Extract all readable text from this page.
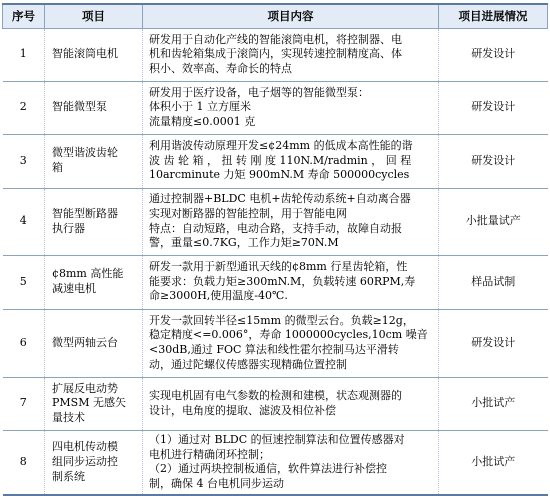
序号	项目	项目内容	项目进展情况
1	智能滚筒电机	研发用于自动化产线的智能滚筒电机，将控制器、电
机和齿轮箱集成于滚筒内，实现转速控制精度高、体
积小、效率高、寿命长的特点	研发设计
2	智能微型泵	研发用于医疗设备，电子烟等的智能微型泵：
体积小于 1 立方厘米
流量精度≤0.0001 克	研发设计
3	微型谐波齿轮
箱	利用谐波传动原理开发≤¢24mm 的低成本高性能的谐
波 齿 轮 箱 ， 扭 转 刚 度 110N.M/radmin ， 回 程
10arcminute 力矩 900mN.M 寿命 500000cycles	研发设计
4	智能型断路器
执行器	通过控制器+BLDC 电机+齿轮传动系统+自动离合器
实现对断路器的智能控制，用于智能电网
特点：自动短路，电动合路，支持手动，故障自动报
警，重量≤0.7KG，工作力矩≥70N.M	小批量试产
5	¢8mm 高性能
减速电机	研发一款用于新型通讯天线的¢8mm 行星齿轮箱，性
能要求：负载力矩≥300mN.M，负载转速 60RPM,寿
命≥3000H,使用温度-40℃.	样品试制
6	微型两轴云台	开发一款回转半径≤15mm 的微型云台。负载≥12g，
稳定精度<=0.006°，寿命 1000000cycles,10cm 噪音
<30dB,通过 FOC 算法和线性霍尔控制马达平滑转
动，通过陀螺仪传感器实现精确位置控制	研发设计
7	扩展反电动势
PMSM 无感矢
量技术	实现电机固有电气参数的检测和建模，状态观测器的
设计，电角度的提取、滤波及相位补偿	小批试产
8	四电机传动模
组同步运动控
制系统	（1）通过对 BLDC 的恒速控制算法和位置传感器对
电机进行精确闭环控制；
（2）通过两块控制板通信，软件算法进行补偿控
制，确保 4 台电机同步运动	小批试产
